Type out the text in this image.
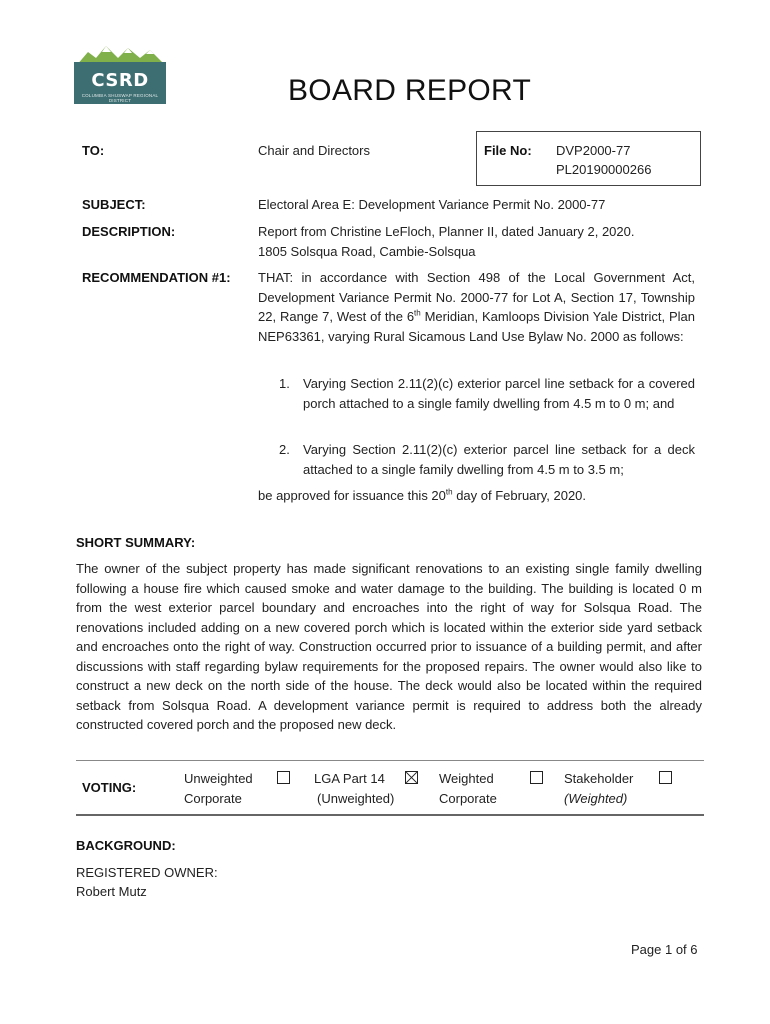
CSRD
COLUMBIA SHUSWAP REGIONAL DISTRICT	BOARD REPORT
TO:	Chair and Directors	File No: DVP2000-77
PL20190000266
SUBJECT:	Electoral Area E: Development Variance Permit No. 2000-77
DESCRIPTION:	Report from Christine LeFloch, Planner II, dated January 2, 2020.
1805 Solsqua Road, Cambie-Solsqua
RECOMMENDATION #1: THAT: in accordance with Section 498 of the Local Government Act, Development Variance Permit No. 2000-77 for Lot A, Section 17, Township 22, Range 7, West of the 6th Meridian, Kamloops Division Yale District, Plan NEP63361, varying Rural Sicamous Land Use Bylaw No. 2000 as follows:
1. Varying Section 2.11(2)(c) exterior parcel line setback for a covered porch attached to a single family dwelling from 4.5 m to 0 m; and
2. Varying Section 2.11(2)(c) exterior parcel line setback for a deck attached to a single family dwelling from 4.5 m to 3.5 m;
be approved for issuance this 20th day of February, 2020.
SHORT SUMMARY:
The owner of the subject property has made significant renovations to an existing single family dwelling following a house fire which caused smoke and water damage to the building. The building is located 0 m from the west exterior parcel boundary and encroaches into the right of way for Solsqua Road. The renovations included adding on a new covered porch which is located within the exterior side yard setback and encroaches onto the right of way. Construction occurred prior to issuance of a building permit, and after discussions with staff regarding bylaw requirements for the proposed repairs. The owner would also like to construct a new deck on the north side of the house. The deck would also be located within the required setback from Solsqua Road. A development variance permit is required to address both the already constructed covered porch and the proposed new deck.
VOTING:
Unweighted
Corporate
LGA Part 14
(Unweighted)
Weighted
Corporate
Stakeholder
(Weighted)
BACKGROUND:
REGISTERED OWNER:
Robert Mutz
Page 1 of 6
